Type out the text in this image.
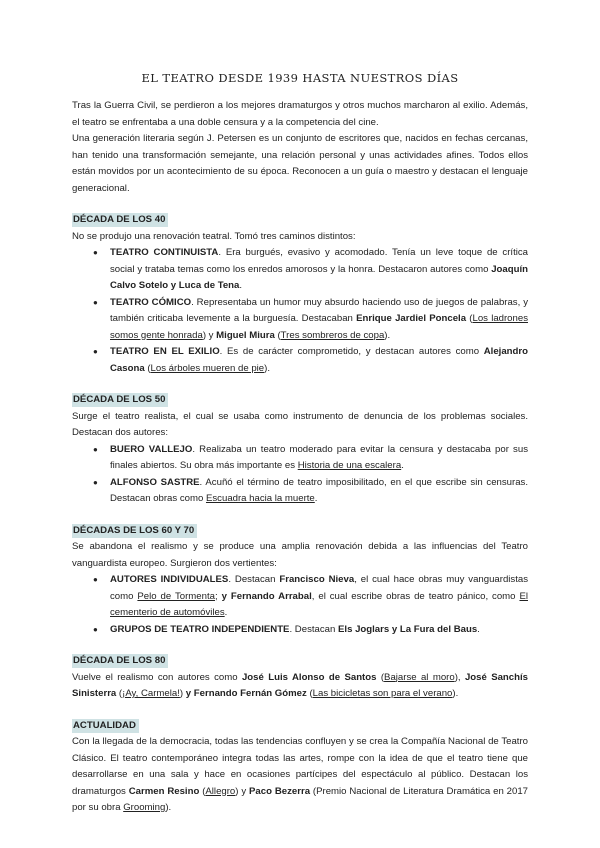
EL TEATRO DESDE 1939 HASTA NUESTROS DÍAS

Tras la Guerra Civil, se perdieron a los mejores dramaturgos y otros muchos marcharon al exilio. Además, el teatro se enfrentaba a una doble censura y a la competencia del cine.

Una generación literaria según J. Petersen es un conjunto de escritores que, nacidos en fechas cercanas, han tenido una transformación semejante, una relación personal y unas actividades afines. Todos ellos están movidos por un acontecimiento de su época. Reconocen a un guía o maestro y destacan el lenguaje generacional.

DÉCADA DE LOS 40

No se produjo una renovación teatral. Tomó tres caminos distintos:

● TEATRO CONTINUISTA. Era burgués, evasivo y acomodado. Tenía un leve toque de crítica social y trataba temas como los enredos amorosos y la honra. Destacaron autores como Joaquín Calvo Sotelo y Luca de Tena.
● TEATRO CÓMICO. Representaba un humor muy absurdo haciendo uso de juegos de palabras, y también criticaba levemente a la burguesía. Destacaban Enrique Jardiel Poncela (Los ladrones somos gente honrada) y Miguel Miura (Tres sombreros de copa).
● TEATRO EN EL EXILIO. Es de carácter comprometido, y destacan autores como Alejandro Casona (Los árboles mueren de pie).
DÉCADA DE LOS 50

Surge el teatro realista, el cual se usaba como instrumento de denuncia de los problemas sociales. Destacan dos autores:

● BUERO VALLEJO. Realizaba un teatro moderado para evitar la censura y destacaba por sus finales abiertos. Su obra más importante es Historia de una escalera.
● ALFONSO SASTRE. Acuñó el término de teatro imposibilitado, en el que escribe sin censuras. Destacan obras como Escuadra hacia la muerte.
DÉCADAS DE LOS 60 Y 70

Se abandona el realismo y se produce una amplia renovación debida a las influencias del Teatro vanguardista europeo. Surgieron dos vertientes:

● AUTORES INDIVIDUALES. Destacan Francisco Nieva, el cual hace obras muy vanguardistas como Pelo de Tormenta; y Fernando Arrabal, el cual escribe obras de teatro pánico, como El cementerio de automóviles.
● GRUPOS DE TEATRO INDEPENDIENTE. Destacan Els Joglars y La Fura del Baus.
DÉCADA DE LOS 80

Vuelve el realismo con autores como José Luis Alonso de Santos (Bajarse al moro), José Sanchís Sinisterra (¡Ay, Carmela!) y Fernando Fernán Gómez (Las bicicletas son para el verano).

ACTUALIDAD

Con la llegada de la democracia, todas las tendencias confluyen y se crea la Compañía Nacional de Teatro Clásico. El teatro contemporáneo integra todas las artes, rompe con la idea de que el teatro tiene que desarrollarse en una sala y hace en ocasiones partícipes del espectáculo al público. Destacan los dramaturgos Carmen Resino (Allegro) y Paco Bezerra (Premio Nacional de Literatura Dramática en 2017 por su obra Grooming).
